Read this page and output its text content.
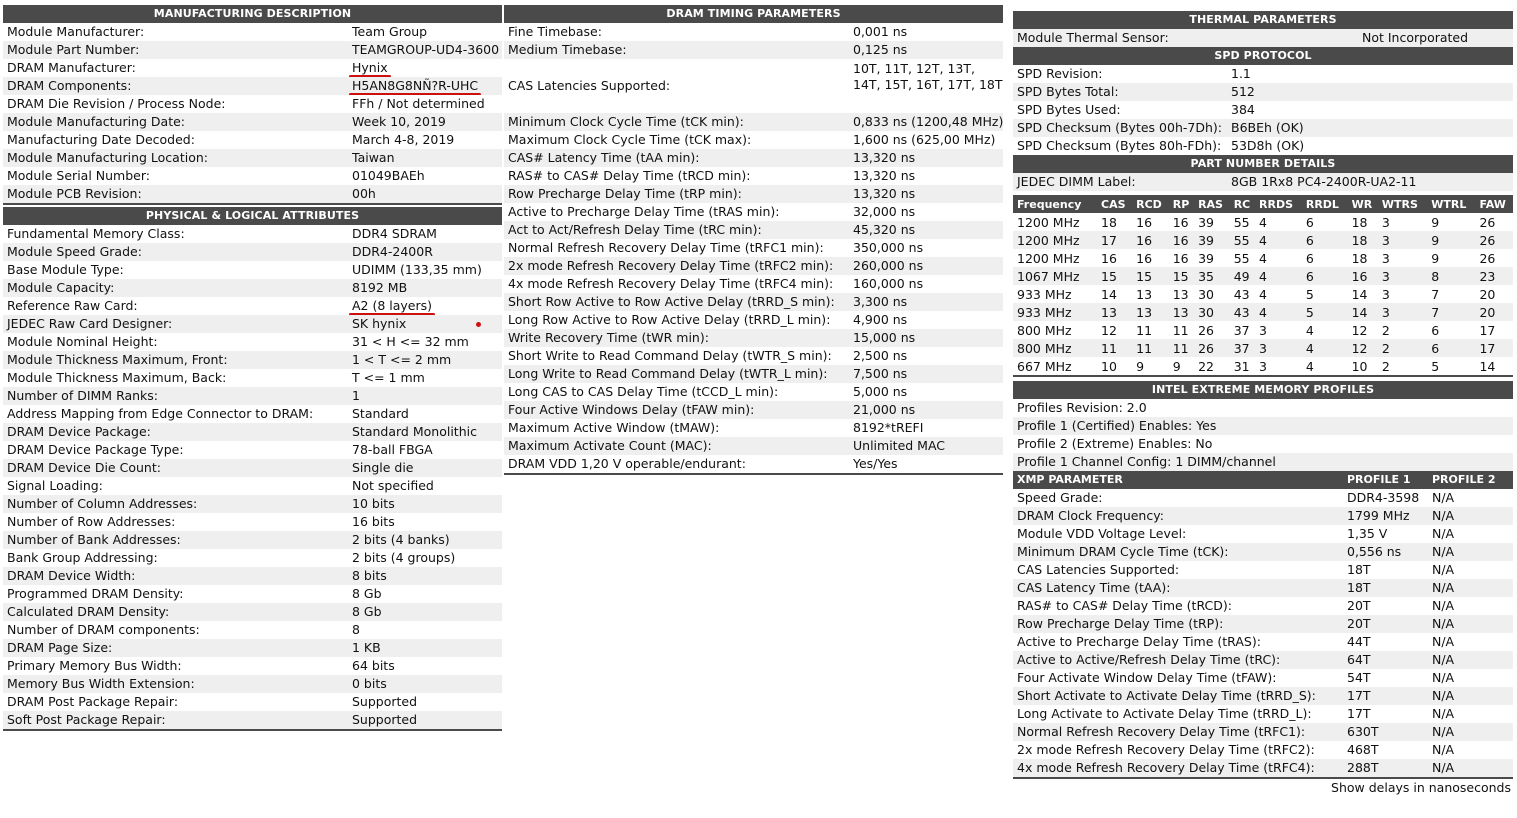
MANUFACTURING DESCRIPTION
Module Manufacturer:	Team Group
Module Part Number:	TEAMGROUP-UD4-3600
DRAM Manufacturer:	Hynix
DRAM Components:	H5AN8G8NÑ?R-UHC
DRAM Die Revision / Process Node:	FFh / Not determined
Module Manufacturing Date:	Week 10, 2019
Manufacturing Date Decoded:	March 4-8, 2019
Module Manufacturing Location:	Taiwan
Module Serial Number:	01049BAEh
Module PCB Revision:	00h
PHYSICAL & LOGICAL ATTRIBUTES
Fundamental Memory Class:	DDR4 SDRAM
Module Speed Grade:	DDR4-2400R
Base Module Type:	UDIMM (133,35 mm)
Module Capacity:	8192 MB
Reference Raw Card:	A2 (8 layers)
JEDEC Raw Card Designer:	SK hynix
Module Nominal Height:	31 < H <= 32 mm
Module Thickness Maximum, Front:	1 < T <= 2 mm
Module Thickness Maximum, Back:	T <= 1 mm
Number of DIMM Ranks:	1
Address Mapping from Edge Connector to DRAM:	Standard
DRAM Device Package:	Standard Monolithic
DRAM Device Package Type:	78-ball FBGA
DRAM Device Die Count:	Single die
Signal Loading:	Not specified
Number of Column Addresses:	10 bits
Number of Row Addresses:	16 bits
Number of Bank Addresses:	2 bits (4 banks)
Bank Group Addressing:	2 bits (4 groups)
DRAM Device Width:	8 bits
Programmed DRAM Density:	8 Gb
Calculated DRAM Density:	8 Gb
Number of DRAM components:	8
DRAM Page Size:	1 KB
Primary Memory Bus Width:	64 bits
Memory Bus Width Extension:	0 bits
DRAM Post Package Repair:	Supported
Soft Post Package Repair:	Supported
DRAM TIMING PARAMETERS
Fine Timebase:	0,001 ns
Medium Timebase:	0,125 ns
CAS Latencies Supported:
10T, 11T, 12T, 13T, 14T, 15T, 16T, 17T, 18T
Minimum Clock Cycle Time (tCK min):	0,833 ns (1200,48 MHz)
Maximum Clock Cycle Time (tCK max):	1,600 ns (625,00 MHz)
CAS# Latency Time (tAA min):	13,320 ns
RAS# to CAS# Delay Time (tRCD min):	13,320 ns
Row Precharge Delay Time (tRP min):	13,320 ns
Active to Precharge Delay Time (tRAS min):	32,000 ns
Act to Act/Refresh Delay Time (tRC min):	45,320 ns
Normal Refresh Recovery Delay Time (tRFC1 min):	350,000 ns
2x mode Refresh Recovery Delay Time (tRFC2 min):	260,000 ns
4x mode Refresh Recovery Delay Time (tRFC4 min):	160,000 ns
Short Row Active to Row Active Delay (tRRD_S min):	3,300 ns
Long Row Active to Row Active Delay (tRRD_L min):	4,900 ns
Write Recovery Time (tWR min):	15,000 ns
Short Write to Read Command Delay (tWTR_S min):	2,500 ns
Long Write to Read Command Delay (tWTR_L min):	7,500 ns
Long CAS to CAS Delay Time (tCCD_L min):	5,000 ns
Four Active Windows Delay (tFAW min):	21,000 ns
Maximum Active Window (tMAW):	8192*tREFI
Maximum Activate Count (MAC):	Unlimited MAC
DRAM VDD 1,20 V operable/endurant:	Yes/Yes
THERMAL PARAMETERS
Module Thermal Sensor:	Not Incorporated
SPD PROTOCOL
SPD Revision:	1.1
SPD Bytes Total:	512
SPD Bytes Used:	384
SPD Checksum (Bytes 00h-7Dh): B6BEh (OK)
SPD Checksum (Bytes 80h-FDh): 53D8h (OK)
PART NUMBER DETAILS
JEDEC DIMM Label:	8GB 1Rx8 PC4-2400R-UA2-11
Frequency	CAS	RCD	RP	RAS	RC	RRDS	RRDL	WR	WTRS	WTRL	FAW
1200 MHz	18	16	16	39	55	4	6	18	3	9	26
1200 MHz	17	16	16	39	55	4	6	18	3	9	26
1200 MHz	16	16	16	39	55	4	6	18	3	9	26
1067 MHz	15	15	15	35	49	4	6	16	3	8	23
933 MHz	14	13	13	30	43	4	5	14	3	7	20
933 MHz	13	13	13	30	43	4	5	14	3	7	20
800 MHz	12	11	11	26	37	3	4	12	2	6	17
800 MHz	11	11	11	26	37	3	4	12	2	6	17
667 MHz	10	9	9	22	31	3	4	10	2	5	14
INTEL EXTREME MEMORY PROFILES
Profiles Revision: 2.0
Profile 1 (Certified) Enables: Yes
Profile 2 (Extreme) Enables: No
Profile 1 Channel Config: 1 DIMM/channel
XMP PARAMETER	PROFILE 1	PROFILE 2
Speed Grade:	DDR4-3598	N/A
DRAM Clock Frequency:	1799 MHz	N/A
Module VDD Voltage Level:	1,35 V	N/A
Minimum DRAM Cycle Time (tCK):	0,556 ns	N/A
CAS Latencies Supported:	18T	N/A
CAS Latency Time (tAA):	18T	N/A
RAS# to CAS# Delay Time (tRCD):	20T	N/A
Row Precharge Delay Time (tRP):	20T	N/A
Active to Precharge Delay Time (tRAS):	44T	N/A
Active to Active/Refresh Delay Time (tRC):	64T	N/A
Four Activate Window Delay Time (tFAW):	54T	N/A
Short Activate to Activate Delay Time (tRRD_S):	17T	N/A
Long Activate to Activate Delay Time (tRRD_L):	17T	N/A
Normal Refresh Recovery Delay Time (tRFC1):	630T	N/A
2x mode Refresh Recovery Delay Time (tRFC2):	468T	N/A
4x mode Refresh Recovery Delay Time (tRFC4):	288T	N/A
Show delays in nanoseconds
